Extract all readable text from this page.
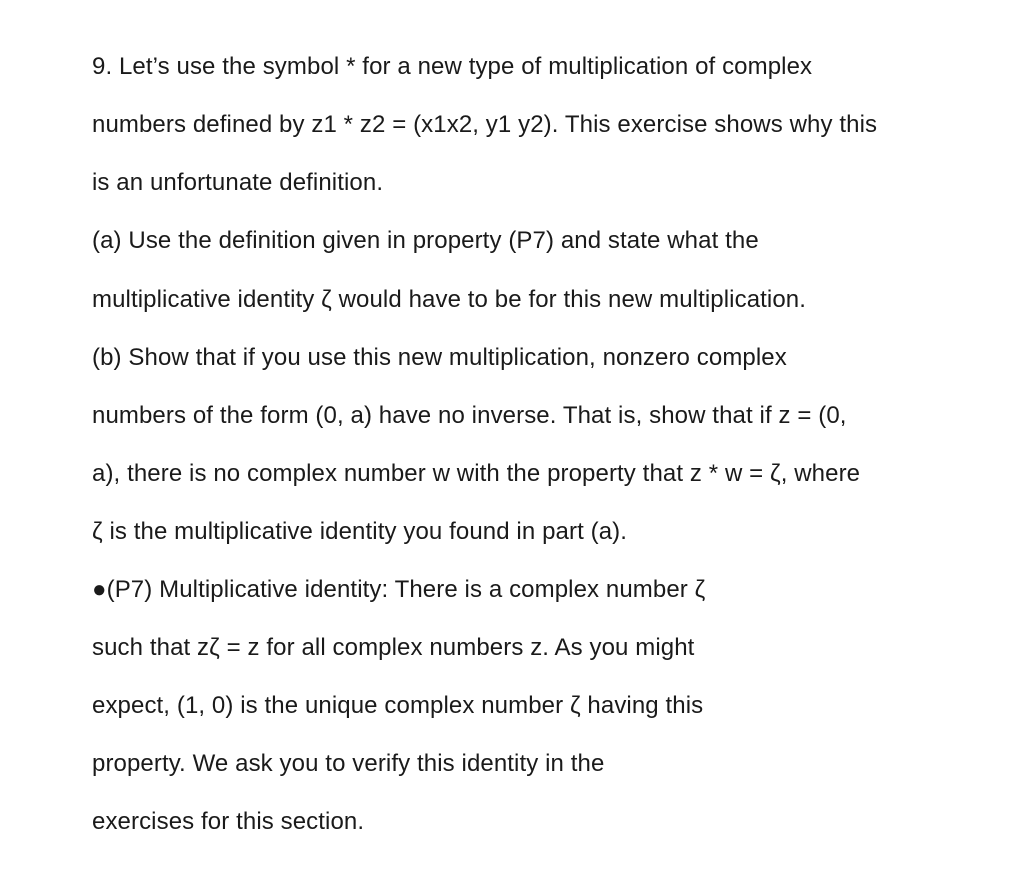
9. Let’s use the symbol * for a new type of multiplication of complex
numbers defined by z1 * z2 = (x1x2, y1 y2). This exercise shows why this
is an unfortunate definition.
(a) Use the definition given in property (P7) and state what the
multiplicative identity ζ would have to be for this new multiplication.
(b) Show that if you use this new multiplication, nonzero complex
numbers of the form (0, a) have no inverse. That is, show that if z = (0,
a), there is no complex number w with the property that z * w = ζ, where
ζ is the multiplicative identity you found in part (a).
●(P7) Multiplicative identity: There is a complex number ζ
such that zζ = z for all complex numbers z. As you might
expect, (1, 0) is the unique complex number ζ having this
property. We ask you to verify this identity in the
exercises for this section.
